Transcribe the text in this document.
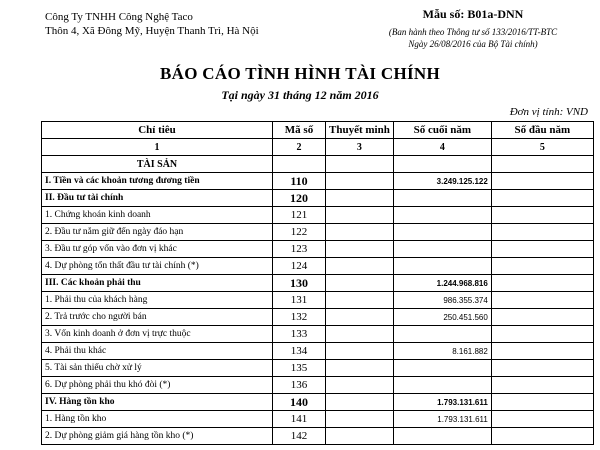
Công Ty TNHH Công Nghệ Taco
Thôn 4, Xã Đông Mỹ, Huyện Thanh Trì, Hà Nội
Mẫu số: B01a-DNN
(Ban hành theo Thông tư số 133/2016/TT-BTC
Ngày 26/08/2016 của Bộ Tài chính)
BÁO CÁO TÌNH HÌNH TÀI CHÍNH
Tại ngày 31 tháng 12 năm 2016
Đơn vị tính: VND
Chỉ tiêu	Mã số	Thuyết minh	Số cuối năm	Số đầu năm
1	2	3	4	5
TÀI SẢN				
I. Tiền và các khoản tương đương tiền	110		3.249.125.122	
II. Đầu tư tài chính	120			
1. Chứng khoán kinh doanh	121			
2. Đầu tư nắm giữ đến ngày đáo hạn	122			
3. Đầu tư góp vốn vào đơn vị khác	123			
4. Dự phòng tổn thất đầu tư tài chính (*)	124			
III. Các khoản phải thu	130		1.244.968.816	
1. Phải thu của khách hàng	131		986.355.374	
2. Trả trước cho người bán	132		250.451.560	
3. Vốn kinh doanh ở đơn vị trực thuộc	133			
4. Phải thu khác	134		8.161.882	
5. Tài sản thiếu chờ xử lý	135			
6. Dự phòng phải thu khó đòi (*)	136			
IV. Hàng tồn kho	140		1.793.131.611	
1. Hàng tồn kho	141		1.793.131.611	
2. Dự phòng giảm giá hàng tồn kho (*)	142			
